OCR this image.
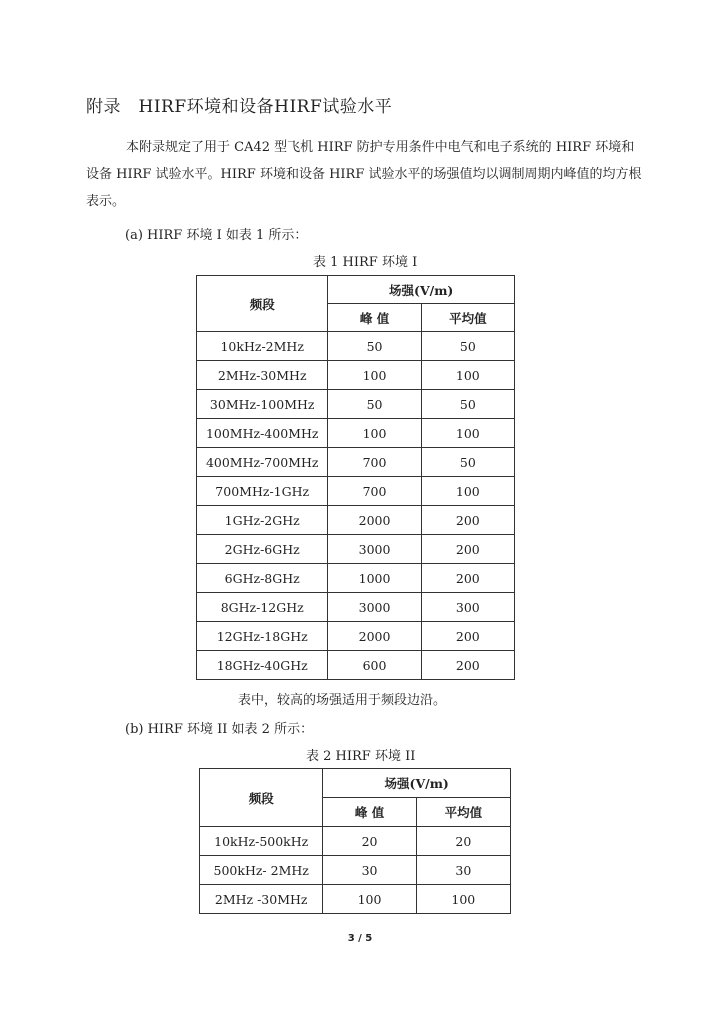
附录　HIRF环境和设备HIRF试验水平
本附录规定了用于 CA42 型飞机 HIRF 防护专用条件中电气和电子系统的 HIRF 环境和设备 HIRF 试验水平。HIRF 环境和设备 HIRF 试验水平的场强值均以调制周期内峰值的均方根表示。
(a) HIRF 环境 I 如表 1 所示：
表 1 HIRF 环境 I
频段	场强(V/m)	
	峰 值	平均值
10kHz-2MHz	50	50
2MHz-30MHz	100	100
30MHz-100MHz	50	50
100MHz-400MHz	100	100
400MHz-700MHz	700	50
700MHz-1GHz	700	100
1GHz-2GHz	2000	200
2GHz-6GHz	3000	200
6GHz-8GHz	1000	200
8GHz-12GHz	3000	300
12GHz-18GHz	2000	200
18GHz-40GHz	600	200
表中，较高的场强适用于频段边沿。
(b) HIRF 环境 II 如表 2 所示：
表 2 HIRF 环境 II
频段	场强(V/m)	
	峰 值	平均值
10kHz-500kHz	20	20
500kHz- 2MHz	30	30
2MHz -30MHz	100	100
3 / 5
